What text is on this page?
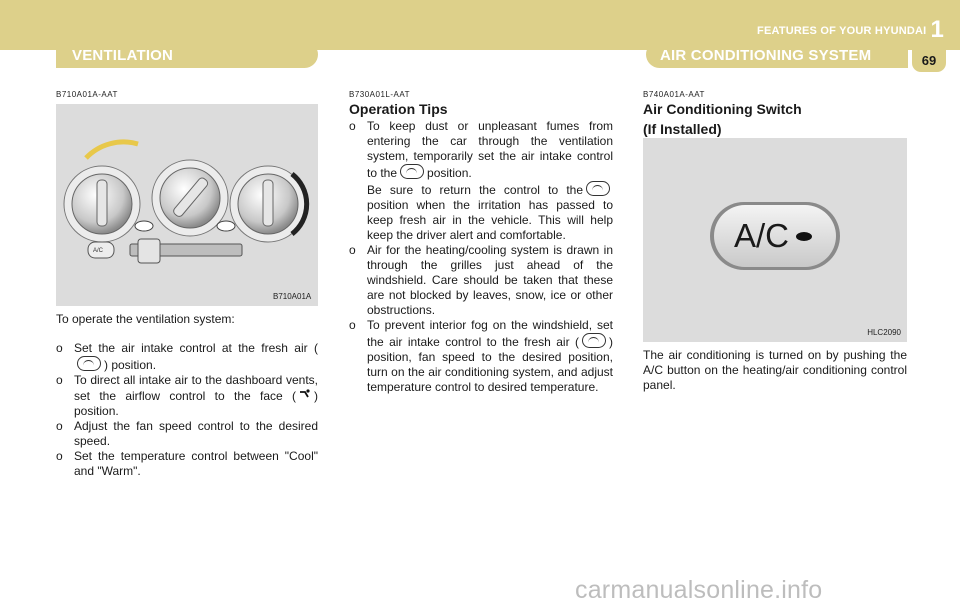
VENTILATION	AIR CONDITIONING SYSTEM
FEATURES OF YOUR HYUNDAI 1
69
B710A01A-AAT
A/C
B710A01A
To operate the ventilation system:
o Set the air intake control at the fresh air () position.
o To direct all intake air to the dashboard vents, set the airflow control to the face ( ) position.
o Adjust the fan speed control to the desired speed.
o Set the temperature control between "Cool" and "Warm".
B730A01L-AAT
Operation Tips
o To keep dust or unpleasant fumes from entering the car through the ventilation system, temporarily set the air intake control to the	position.
Be sure to return the control to theposition when the irritation has passed to keep fresh air in the vehicle. This will help keep the driver alert and comfortable.
o Air for the heating/cooling system is drawn in through the grilles just ahead of the windshield. Care should be taken that these are not blocked by leaves, snow, ice or other obstructions.
o To prevent interior fog on the windshield, set the air intake control to the fresh air (	) position, fan speed to the desired position, turn on the air conditioning system, and adjust temperature control to desired temperature.
B740A01A-AAT
Air Conditioning Switch
(If Installed)
A/C
HLC2090
The air conditioning is turned on by pushing the A/C button on the heating/air conditioning control panel.
carmanualsonline.info
